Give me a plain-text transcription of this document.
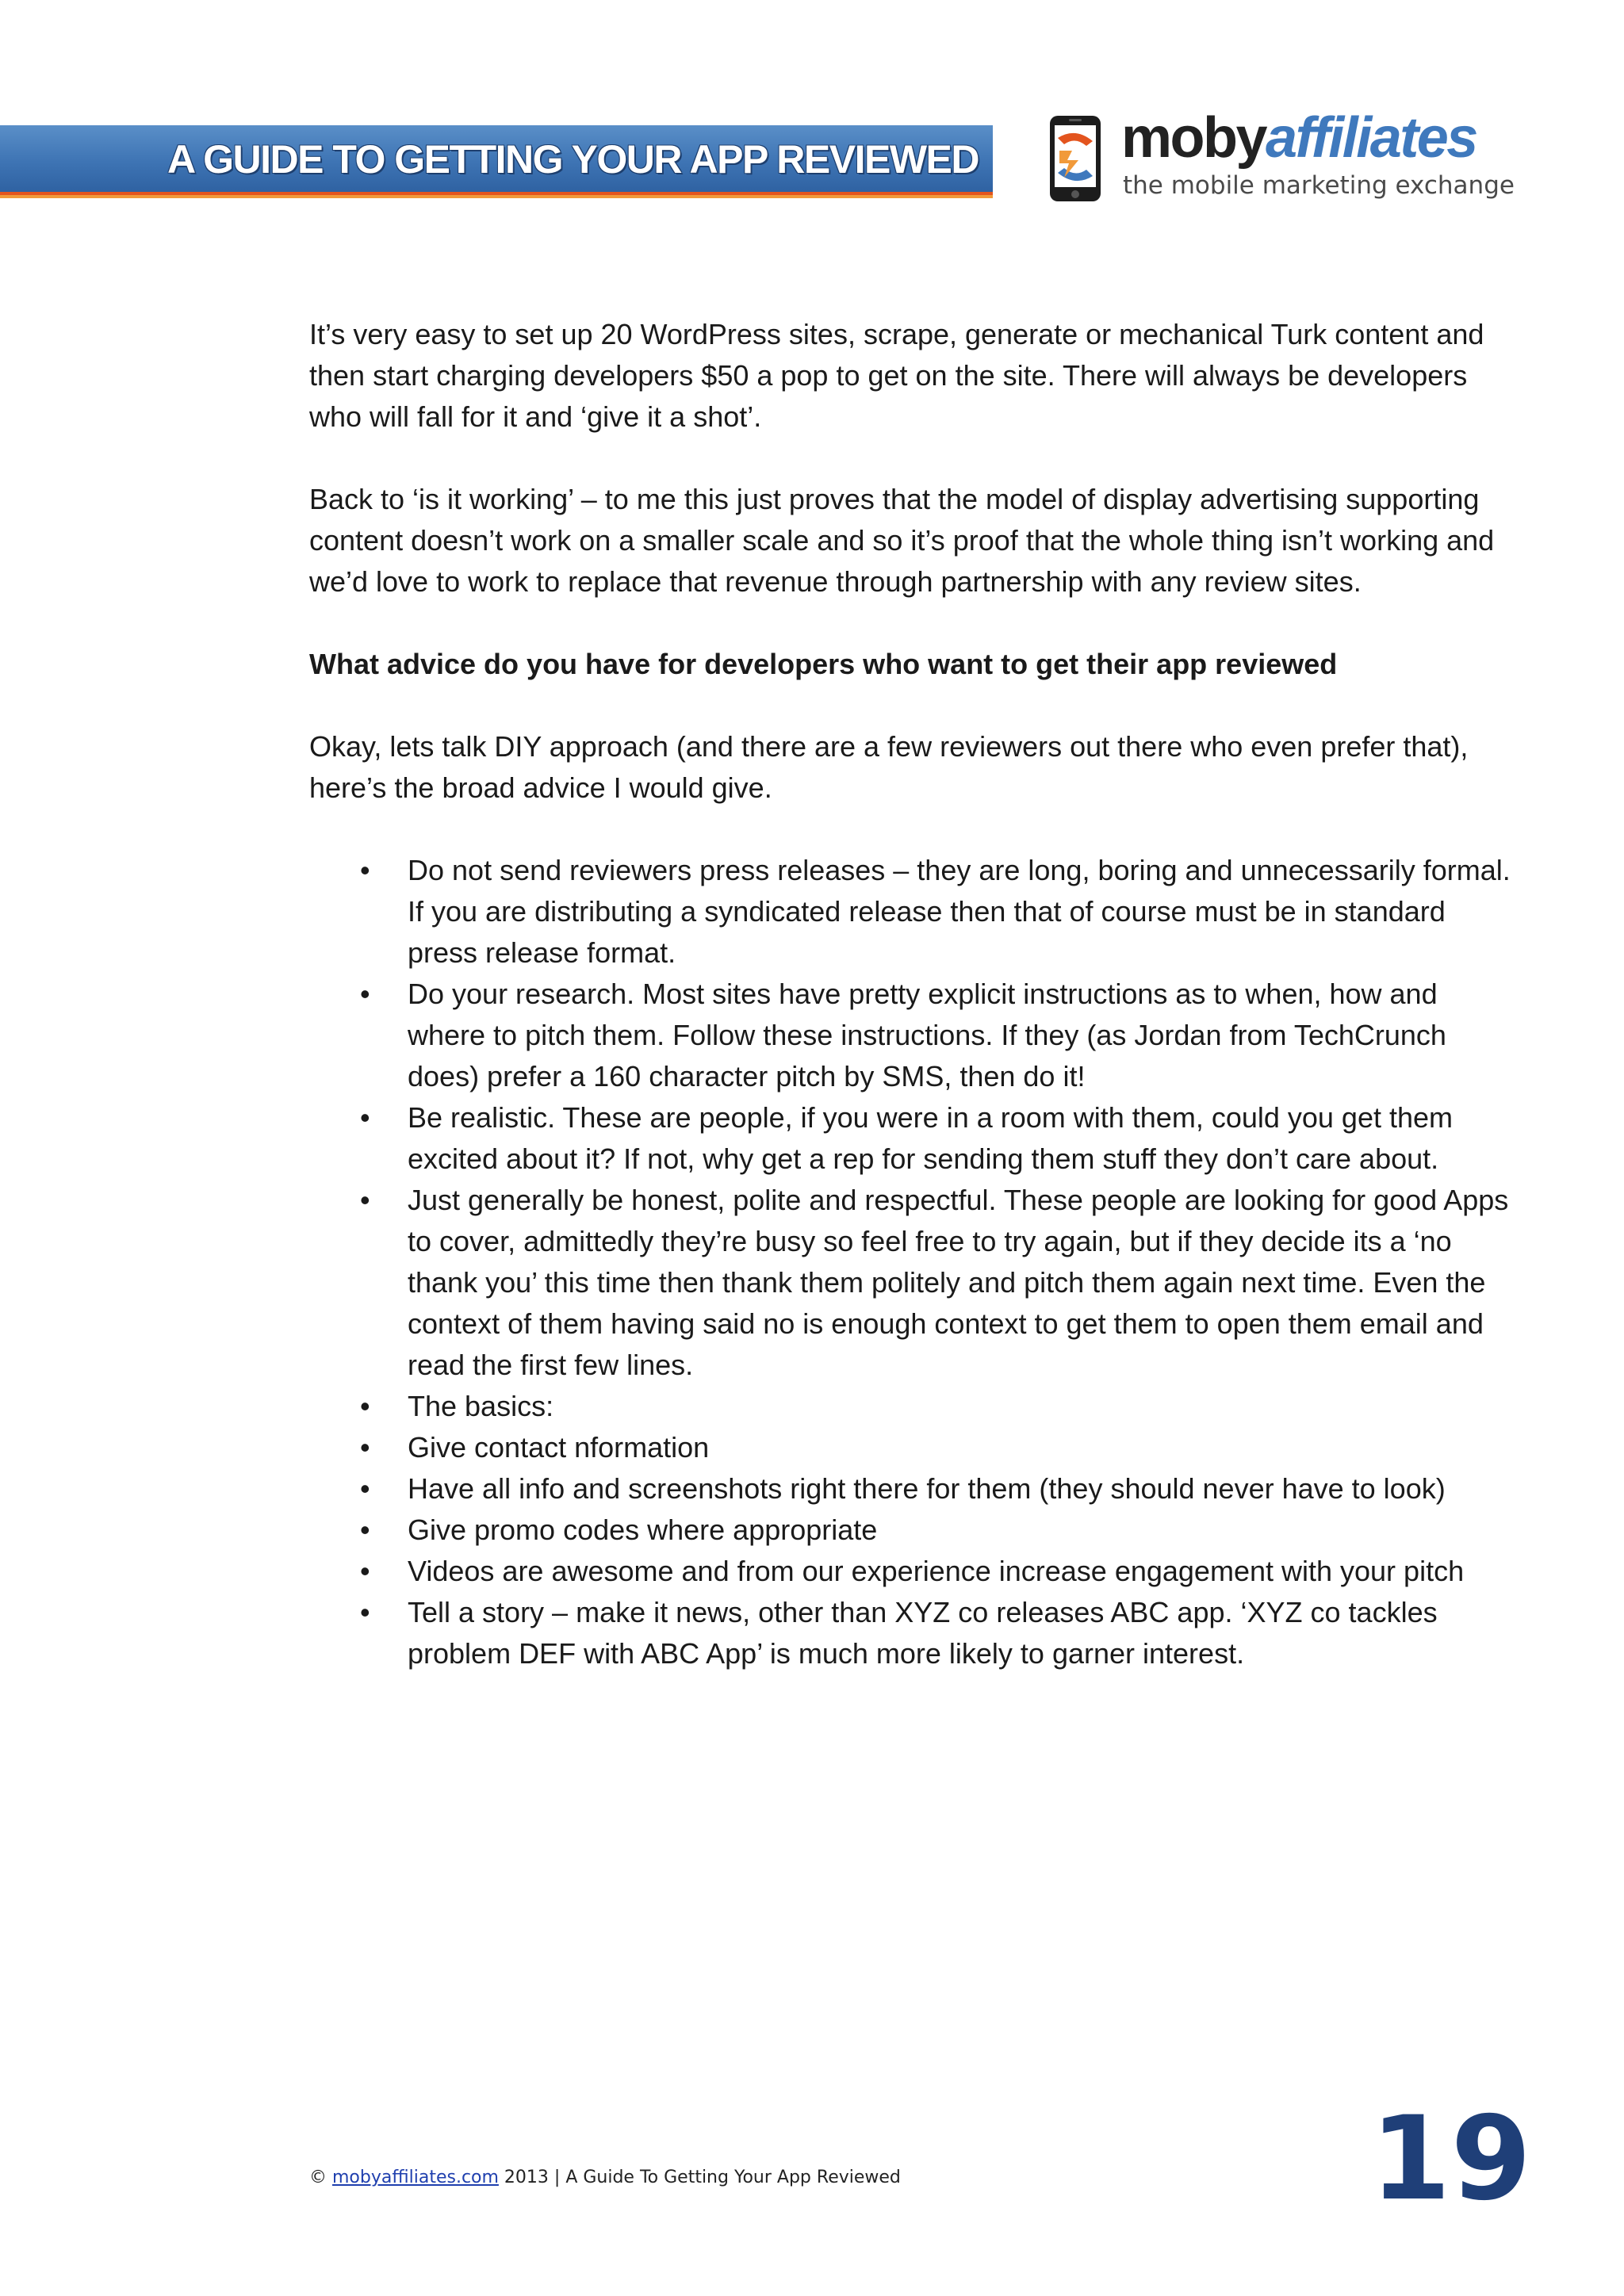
A GUIDE TO GETTING YOUR APP REVIEWED	mobyaffiliates
the mobile marketing exchange

It’s very easy to set up 20 WordPress sites, scrape, generate or mechanical Turk content and then start charging developers $50 a pop to get on the site. There will always be developers who will fall for it and ‘give it a shot’.

Back to ‘is it working’ – to me this just proves that the model of display advertising supporting content doesn’t work on a smaller scale and so it’s proof that the whole thing isn’t working and we’d love to work to replace that revenue through partnership with any review sites.

What advice do you have for developers who want to get their app reviewed

Okay, lets talk DIY approach (and there are a few reviewers out there who even prefer that), here’s the broad advice I would give.

• Do not send reviewers press releases – they are long, boring and unnecessarily formal. If you are distributing a syndicated release then that of course must be in standard press release format.
• Do your research. Most sites have pretty explicit instructions as to when, how and where to pitch them. Follow these instructions. If they (as Jordan from TechCrunch does) prefer a 160 character pitch by SMS, then do it!
• Be realistic. These are people, if you were in a room with them, could you get them excited about it? If not, why get a rep for sending them stuff they don’t care about.
• Just generally be honest, polite and respectful. These people are looking for good Apps to cover, admittedly they’re busy so feel free to try again, but if they decide its a ‘no thank you’ this time then thank them politely and pitch them again next time. Even the context of them having said no is enough context to get them to open them email and read the first few lines.
• The basics:
• Give contact nformation
• Have all info and screenshots right there for them (they should never have to look)
• Give promo codes where appropriate
• Videos are awesome and from our experience increase engagement with your pitch
• Tell a story – make it news, other than XYZ co releases ABC app. ‘XYZ co tackles problem DEF with ABC App’ is much more likely to garner interest.
© mobyaffiliates.com 2013 | A Guide To Getting Your App Reviewed	19
